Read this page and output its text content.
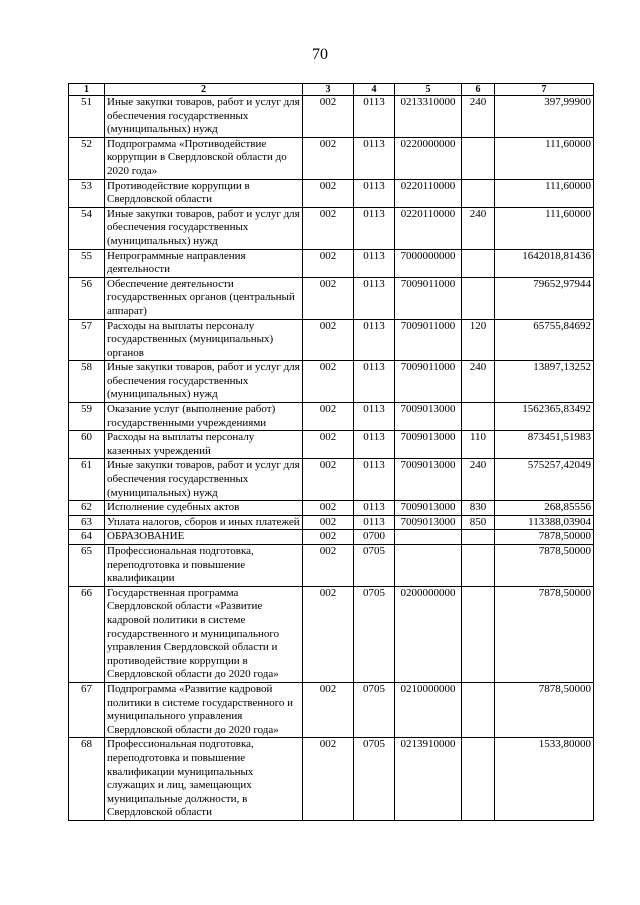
70
1	2	3	4	5	6	7
51	Иные закупки товаров, работ и услуг для обеспечения государственных (муниципальных) нужд	002	0113	0213310000	240	397,99900
52	Подпрограмма «Противодействие коррупции в Свердловской области до 2020 года»	002	0113	0220000000		111,60000
53	Противодействие коррупции в Свердловской области	002	0113	0220110000		111,60000
54	Иные закупки товаров, работ и услуг для обеспечения государственных (муниципальных) нужд	002	0113	0220110000	240	111,60000
55	Непрограммные направления деятельности	002	0113	7000000000		1642018,81436
56	Обеспечение деятельности государственных органов (центральный аппарат)	002	0113	7009011000		79652,97944
57	Расходы на выплаты персоналу государственных (муниципальных) органов	002	0113	7009011000	120	65755,84692
58	Иные закупки товаров, работ и услуг для обеспечения государственных (муниципальных) нужд	002	0113	7009011000	240	13897,13252
59	Оказание услуг (выполнение работ) государственными учреждениями	002	0113	7009013000		1562365,83492
60	Расходы на выплаты персоналу казенных учреждений	002	0113	7009013000	110	873451,51983
61	Иные закупки товаров, работ и услуг для обеспечения государственных (муниципальных) нужд	002	0113	7009013000	240	575257,42049
62	Исполнение судебных актов	002	0113	7009013000	830	268,85556
63	Уплата налогов, сборов и иных платежей	002	0113	7009013000	850	113388,03904
64	ОБРАЗОВАНИЕ	002	0700			7878,50000
65	Профессиональная подготовка, переподготовка и повышение квалификации	002	0705			7878,50000
66	Государственная программа Свердловской области «Развитие кадровой политики в системе государственного и муниципального управления Свердловской области и противодействие коррупции в Свердловской области до 2020 года»	002	0705	0200000000		7878,50000
67	Подпрограмма «Развитие кадровой политики в системе государственного и муниципального управления Свердловской области до 2020 года»	002	0705	0210000000		7878,50000
68	Профессиональная подготовка, переподготовка и повышение квалификации муниципальных служащих и лиц, замещающих муниципальные должности, в Свердловской области	002	0705	0213910000		1533,80000
